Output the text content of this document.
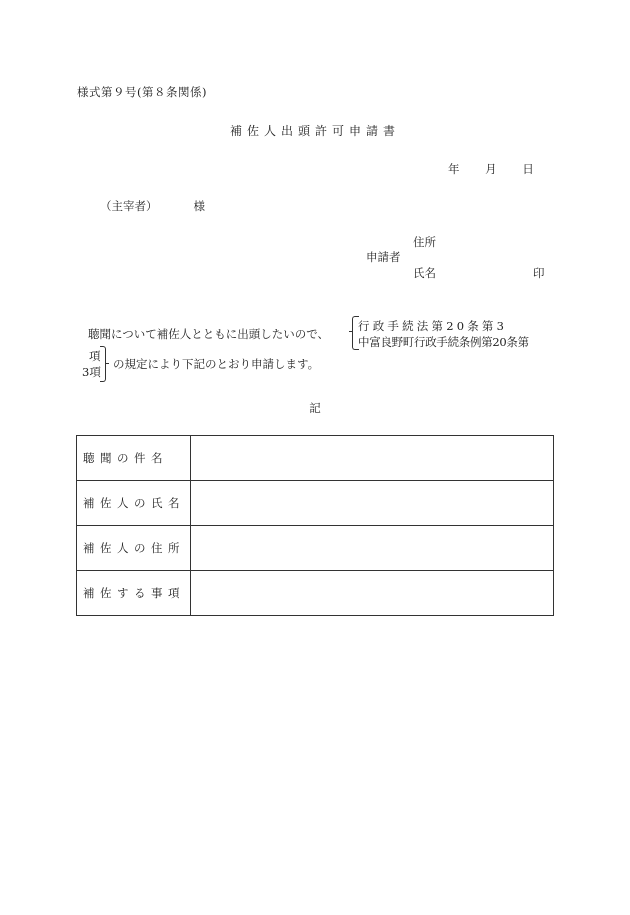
様式第９号(第８条関係)
補佐人出頭許可申請書
年 月 日
（主宰者）	様
住所
申請者
氏名	印
聴聞について補佐人とともに出頭したいので、
行政手続法第20条第3
中富良野町行政手続条例第20条第
項
3項
の規定により下記のとおり申請します。
記
聴聞の件名	
補佐人の氏名	
補佐人の住所	
補佐する事項	
